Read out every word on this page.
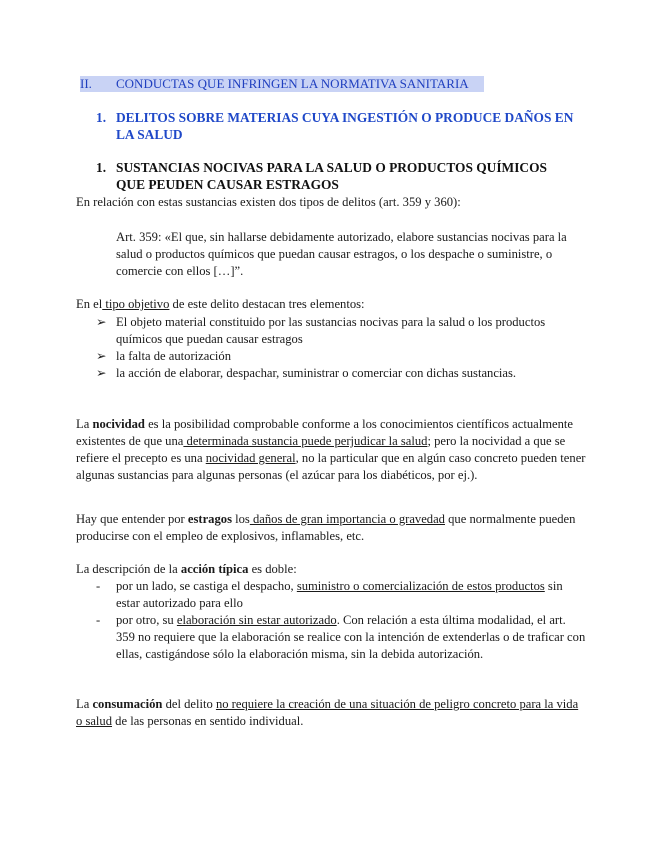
II. CONDUCTAS QUE INFRINGEN LA NORMATIVA SANITARIA
1. DELITOS SOBRE MATERIAS CUYA INGESTIÓN O PRODUCE DAÑOS EN LA SALUD
1. SUSTANCIAS NOCIVAS PARA LA SALUD O PRODUCTOS QUÍMICOS QUE PEUDEN CAUSAR ESTRAGOS

En relación con estas sustancias existen dos tipos de delitos (art. 359 y 360):

Art. 359: «El que, sin hallarse debidamente autorizado, elabore sustancias nocivas para la salud o productos químicos que puedan causar estragos, o los despache o suministre, o comercie con ellos […]”.

En el tipo objetivo de este delito destacan tres elementos:

➢ El objeto material constituido por las sustancias nocivas para la salud o los productos químicos que puedan causar estragos
➢ la falta de autorización
➢ la acción de elaborar, despachar, suministrar o comerciar con dichas sustancias.

La nocividad es la posibilidad comprobable conforme a los conocimientos científicos actualmente existentes de que una determinada sustancia puede perjudicar la salud; pero la nocividad a que se refiere el precepto es una nocividad general, no la particular que en algún caso concreto pueden tener algunas sustancias para algunas personas (el azúcar para los diabéticos, por ej.).

Hay que entender por estragos los daños de gran importancia o gravedad que normalmente pueden producirse con el empleo de explosivos, inflamables, etc.

La descripción de la acción típica es doble:

-	por un lado, se castiga el despacho, suministro o comercialización de estos productos sin estar autorizado para ello
-	por otro, su elaboración sin estar autorizado. Con relación a esta última modalidad, el art. 359 no requiere que la elaboración se realice con la intención de extenderlas o de traficar con ellas, castigándose sólo la elaboración misma, sin la debida autorización.

La consumación del delito no requiere la creación de una situación de peligro concreto para la vida o salud de las personas en sentido individual.
